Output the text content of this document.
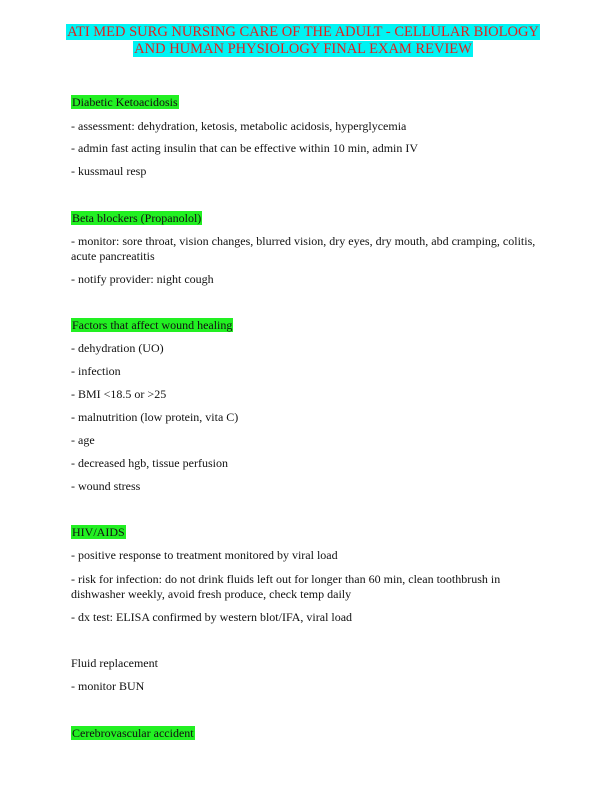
ATI MED SURG NURSING CARE OF THE ADULT - CELLULAR BIOLOGY
AND HUMAN PHYSIOLOGY FINAL EXAM REVIEW
Diabetic Ketoacidosis
- assessment: dehydration, ketosis, metabolic acidosis, hyperglycemia
- admin fast acting insulin that can be effective within 10 min, admin IV
- kussmaul resp
Beta blockers (Propanolol)
- monitor: sore throat, vision changes, blurred vision, dry eyes, dry mouth, abd cramping, colitis, acute pancreatitis
- notify provider: night cough
Factors that affect wound healing
- dehydration (UO)
- infection
- BMI <18.5 or >25
- malnutrition (low protein, vita C)
- age
- decreased hgb, tissue perfusion
- wound stress
HIV/AIDS
- positive response to treatment monitored by viral load
- risk for infection: do not drink fluids left out for longer than 60 min, clean toothbrush in dishwasher weekly, avoid fresh produce, check temp daily
- dx test: ELISA confirmed by western blot/IFA, viral load
Fluid replacement
- monitor BUN
Cerebrovascular accident
